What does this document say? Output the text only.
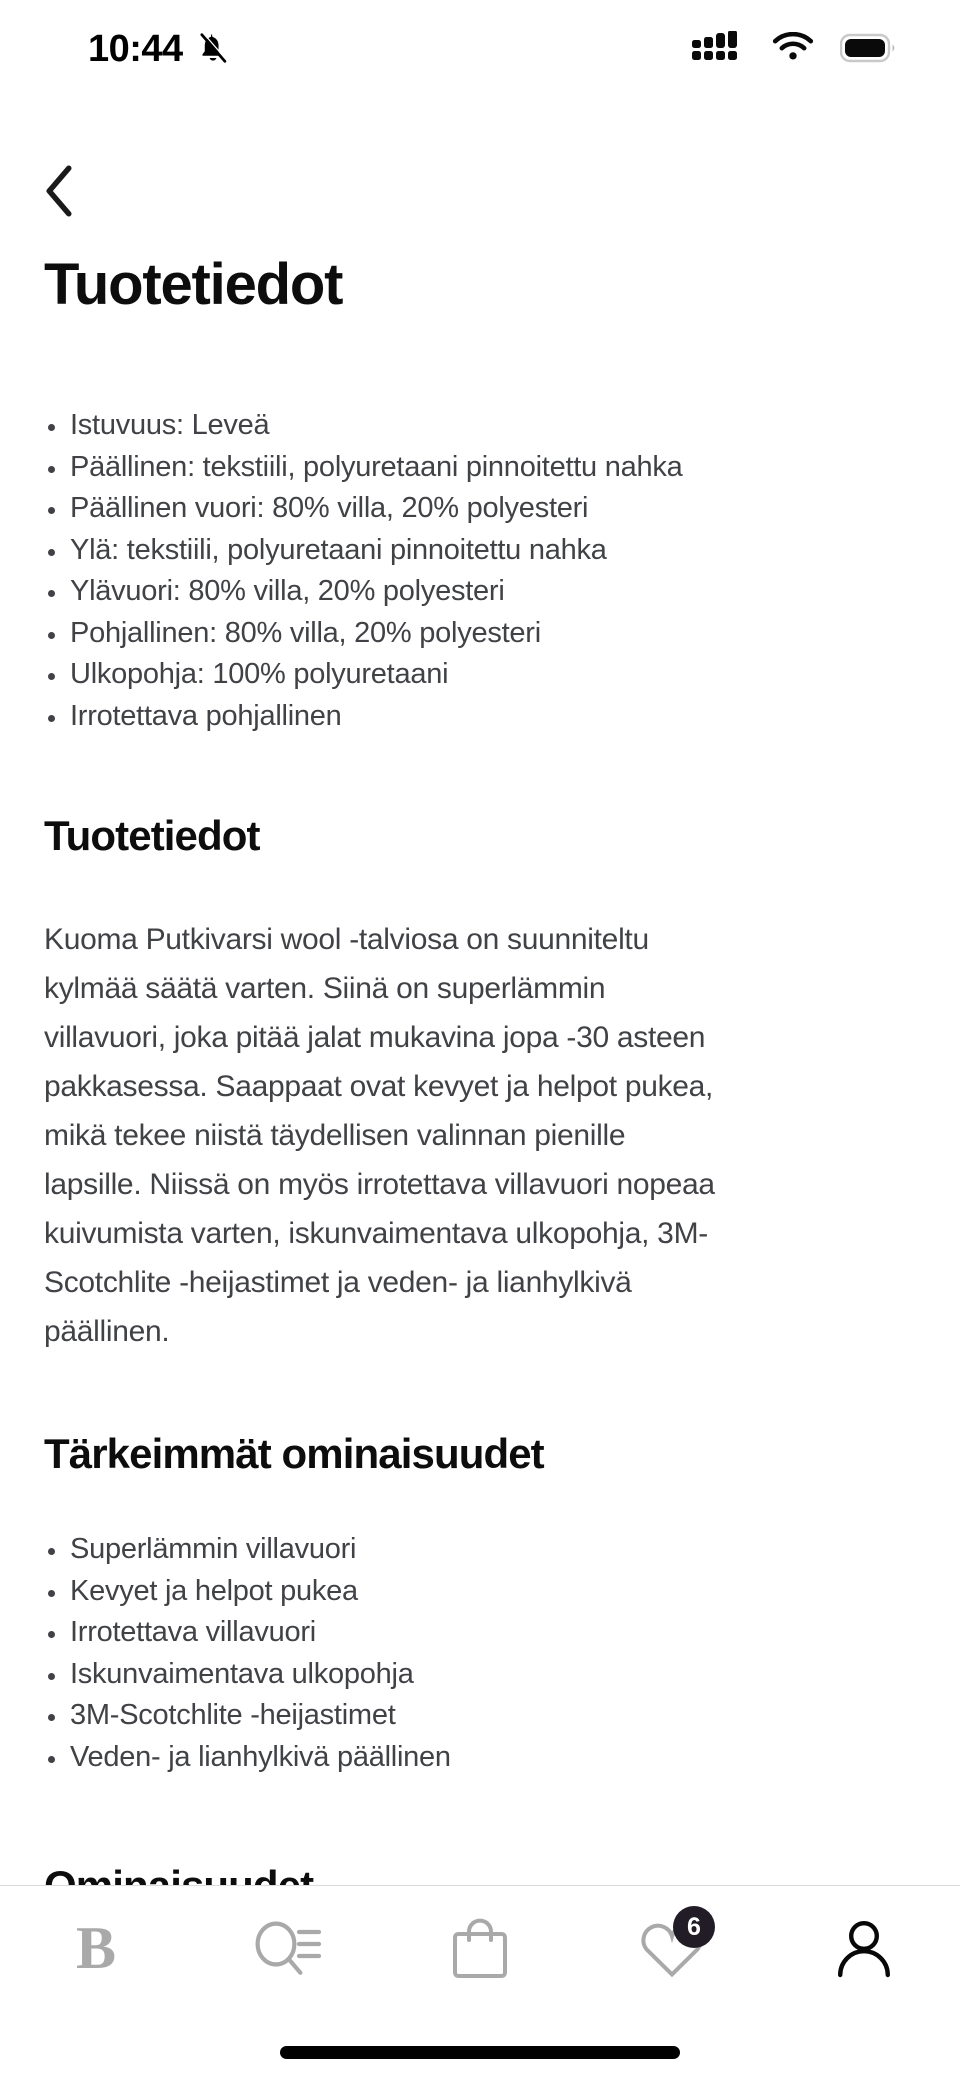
10:44
Tuotetiedot
Istuvuus: Leveä
Päällinen: tekstiili, polyuretaani pinnoitettu nahka
Päällinen vuori: 80% villa, 20% polyesteri
Ylä: tekstiili, polyuretaani pinnoitettu nahka
Ylävuori: 80% villa, 20% polyesteri
Pohjallinen: 80% villa, 20% polyesteri
Ulkopohja: 100% polyuretaani
Irrotettava pohjallinen
Tuotetiedot

Kuoma Putkivarsi wool -talviosa on suunniteltu kylmää säätä varten. Siinä on superlämmin villavuori, joka pitää jalat mukavina jopa -30 asteen pakkasessa. Saappaat ovat kevyet ja helpot pukea, mikä tekee niistä täydellisen valinnan pienille lapsille. Niissä on myös irrotettava villavuori nopeaa kuivumista varten, iskunvaimentava ulkopohja, 3M-Scotchlite -heijastimet ja veden- ja lianhylkivä päällinen.

Tärkeimmät ominaisuudet
Superlämmin villavuori
Kevyet ja helpot pukea
Irrotettava villavuori
Iskunvaimentava ulkopohja
3M-Scotchlite -heijastimet
Veden- ja lianhylkivä päällinen
B	6
